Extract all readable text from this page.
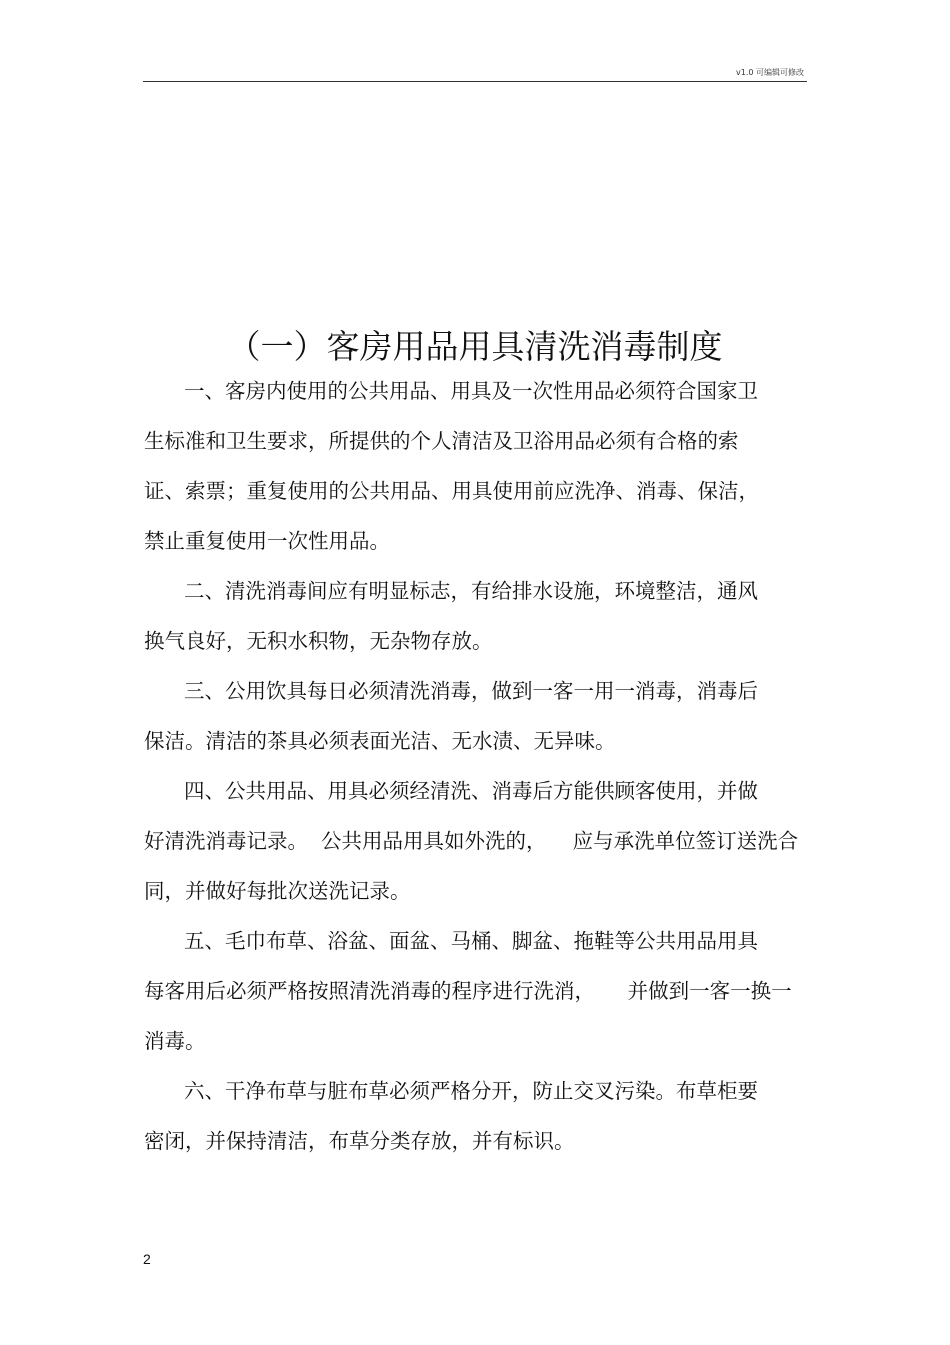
v1.0 可编辑可修改
（一）客房用品用具清洗消毒制度
一、客房内使用的公共用品、用具及一次性用品必须符合国家卫
生标准和卫生要求，所提供的个人清洁及卫浴用品必须有合格的索
证、索票；重复使用的公共用品、用具使用前应洗净、消毒、保洁，
禁止重复使用一次性用品。
二、清洗消毒间应有明显标志，有给排水设施，环境整洁，通风
换气良好，无积水积物，无杂物存放。
三、公用饮具每日必须清洗消毒，做到一客一用一消毒，消毒后
保洁。清洁的茶具必须表面光洁、无水渍、无异味。
四、公共用品、用具必须经清洗、消毒后方能供顾客使用，并做
好清洗消毒记录。  公共用品用具如外洗的，    应与承洗单位签订送洗合
同，并做好每批次送洗记录。
五、毛巾布草、浴盆、面盆、马桶、脚盆、拖鞋等公共用品用具
每客用后必须严格按照清洗消毒的程序进行洗消，     并做到一客一换一
消毒。
六、干净布草与脏布草必须严格分开，防止交叉污染。布草柜要
密闭，并保持清洁，布草分类存放，并有标识。
2
